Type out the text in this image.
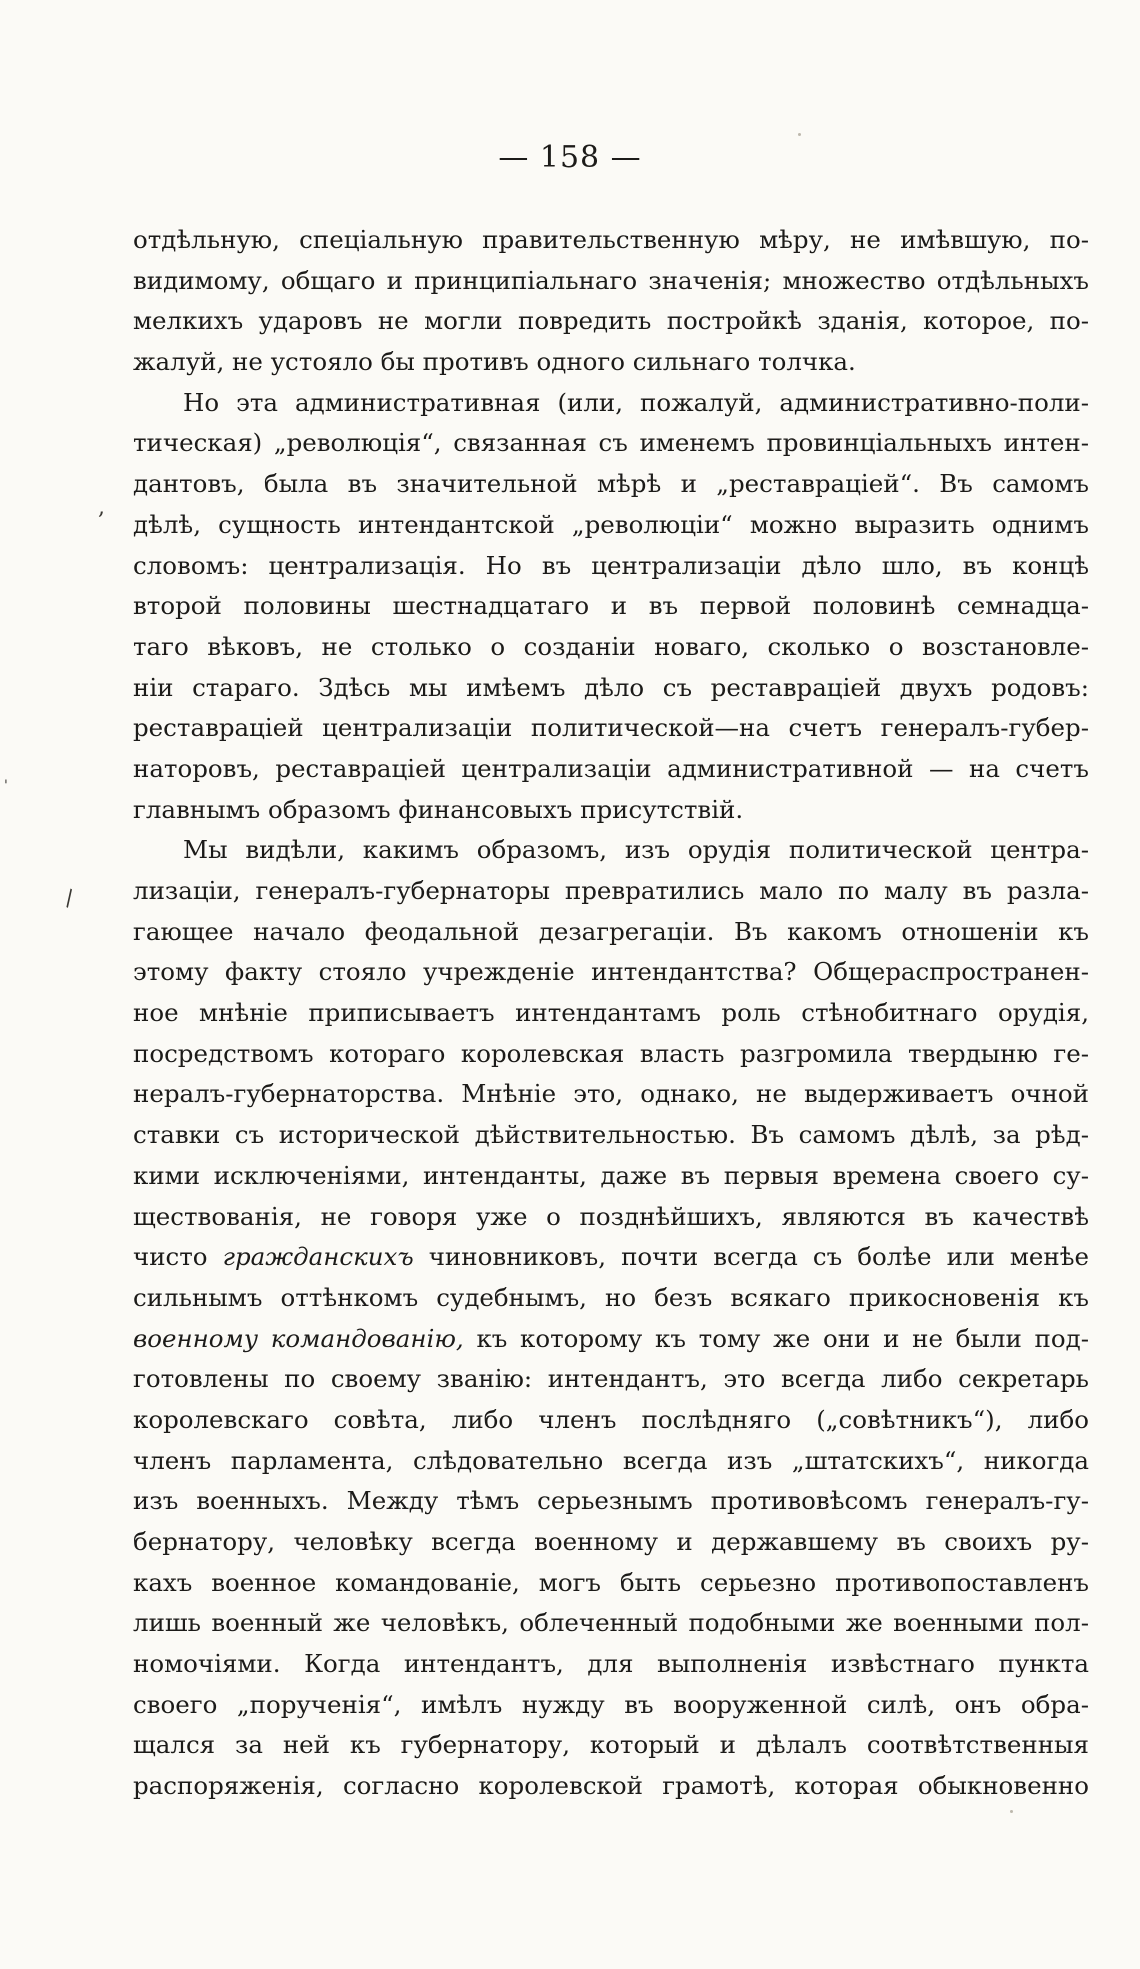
— 158 —
,
\
'
отдѣльную, спеціальную правительственную мѣру, не имѣвшую, по-
видимому, общаго и принципіальнаго значенія; множество отдѣльныхъ
мелкихъ ударовъ не могли повредить постройкѣ зданія, которое, по-
жалуй, не устояло бы противъ одного сильнаго толчка.
Но эта административная (или, пожалуй, административно-поли-
тическая) „революція“, связанная съ именемъ провинціальныхъ интен-
дантовъ, была въ значительной мѣрѣ и „реставраціей“. Въ самомъ
дѣлѣ, сущность интендантской „революціи“ можно выразить однимъ
словомъ: централизація. Но въ централизаціи дѣло шло, въ концѣ
второй половины шестнадцатаго и въ первой половинѣ семнадца-
таго вѣковъ, не столько о созданіи новаго, сколько о возстановле-
ніи стараго. Здѣсь мы имѣемъ дѣло съ реставраціей двухъ родовъ:
реставраціей централизаціи политической—на счетъ генералъ-губер-
наторовъ, реставраціей централизаціи административной — на счетъ
главнымъ образомъ финансовыхъ присутствій.
Мы видѣли, какимъ образомъ, изъ орудія политической центра-
лизаціи, генералъ-губернаторы превратились мало по малу въ разла-
гающее начало феодальной дезагрегаціи. Въ какомъ отношеніи къ
этому факту стояло учрежденіе интендантства? Общераспространен-
ное мнѣніе приписываетъ интендантамъ роль стѣнобитнаго орудія,
посредствомъ котораго королевская власть разгромила твердыню ге-
нералъ-губернаторства. Мнѣніе это, однако, не выдерживаетъ очной
ставки съ исторической дѣйствительностью. Въ самомъ дѣлѣ, за рѣд-
кими исключеніями, интенданты, даже въ первыя времена своего су-
ществованія, не говоря уже о позднѣйшихъ, являются въ качествѣ
чисто гражданскихъ чиновниковъ, почти всегда съ болѣе или менѣе
сильнымъ оттѣнкомъ судебнымъ, но безъ всякаго прикосновенія къ
военному командованію, къ которому къ тому же они и не были под-
готовлены по своему званію: интендантъ, это всегда либо секретарь
королевскаго совѣта, либо членъ послѣдняго („совѣтникъ“), либо
членъ парламента, слѣдовательно всегда изъ „штатскихъ“, никогда
изъ военныхъ. Между тѣмъ серьезнымъ противовѣсомъ генералъ-гу-
бернатору, человѣку всегда военному и державшему въ своихъ ру-
кахъ военное командованіе, могъ быть серьезно противопоставленъ
лишь военный же человѣкъ, облеченный подобными же военными пол-
номочіями. Когда интендантъ, для выполненія извѣстнаго пункта
своего „порученія“, имѣлъ нужду въ вооруженной силѣ, онъ обра-
щался за ней къ губернатору, который и дѣлалъ соотвѣтственныя
распоряженія, согласно королевской грамотѣ, которая обыкновенно
